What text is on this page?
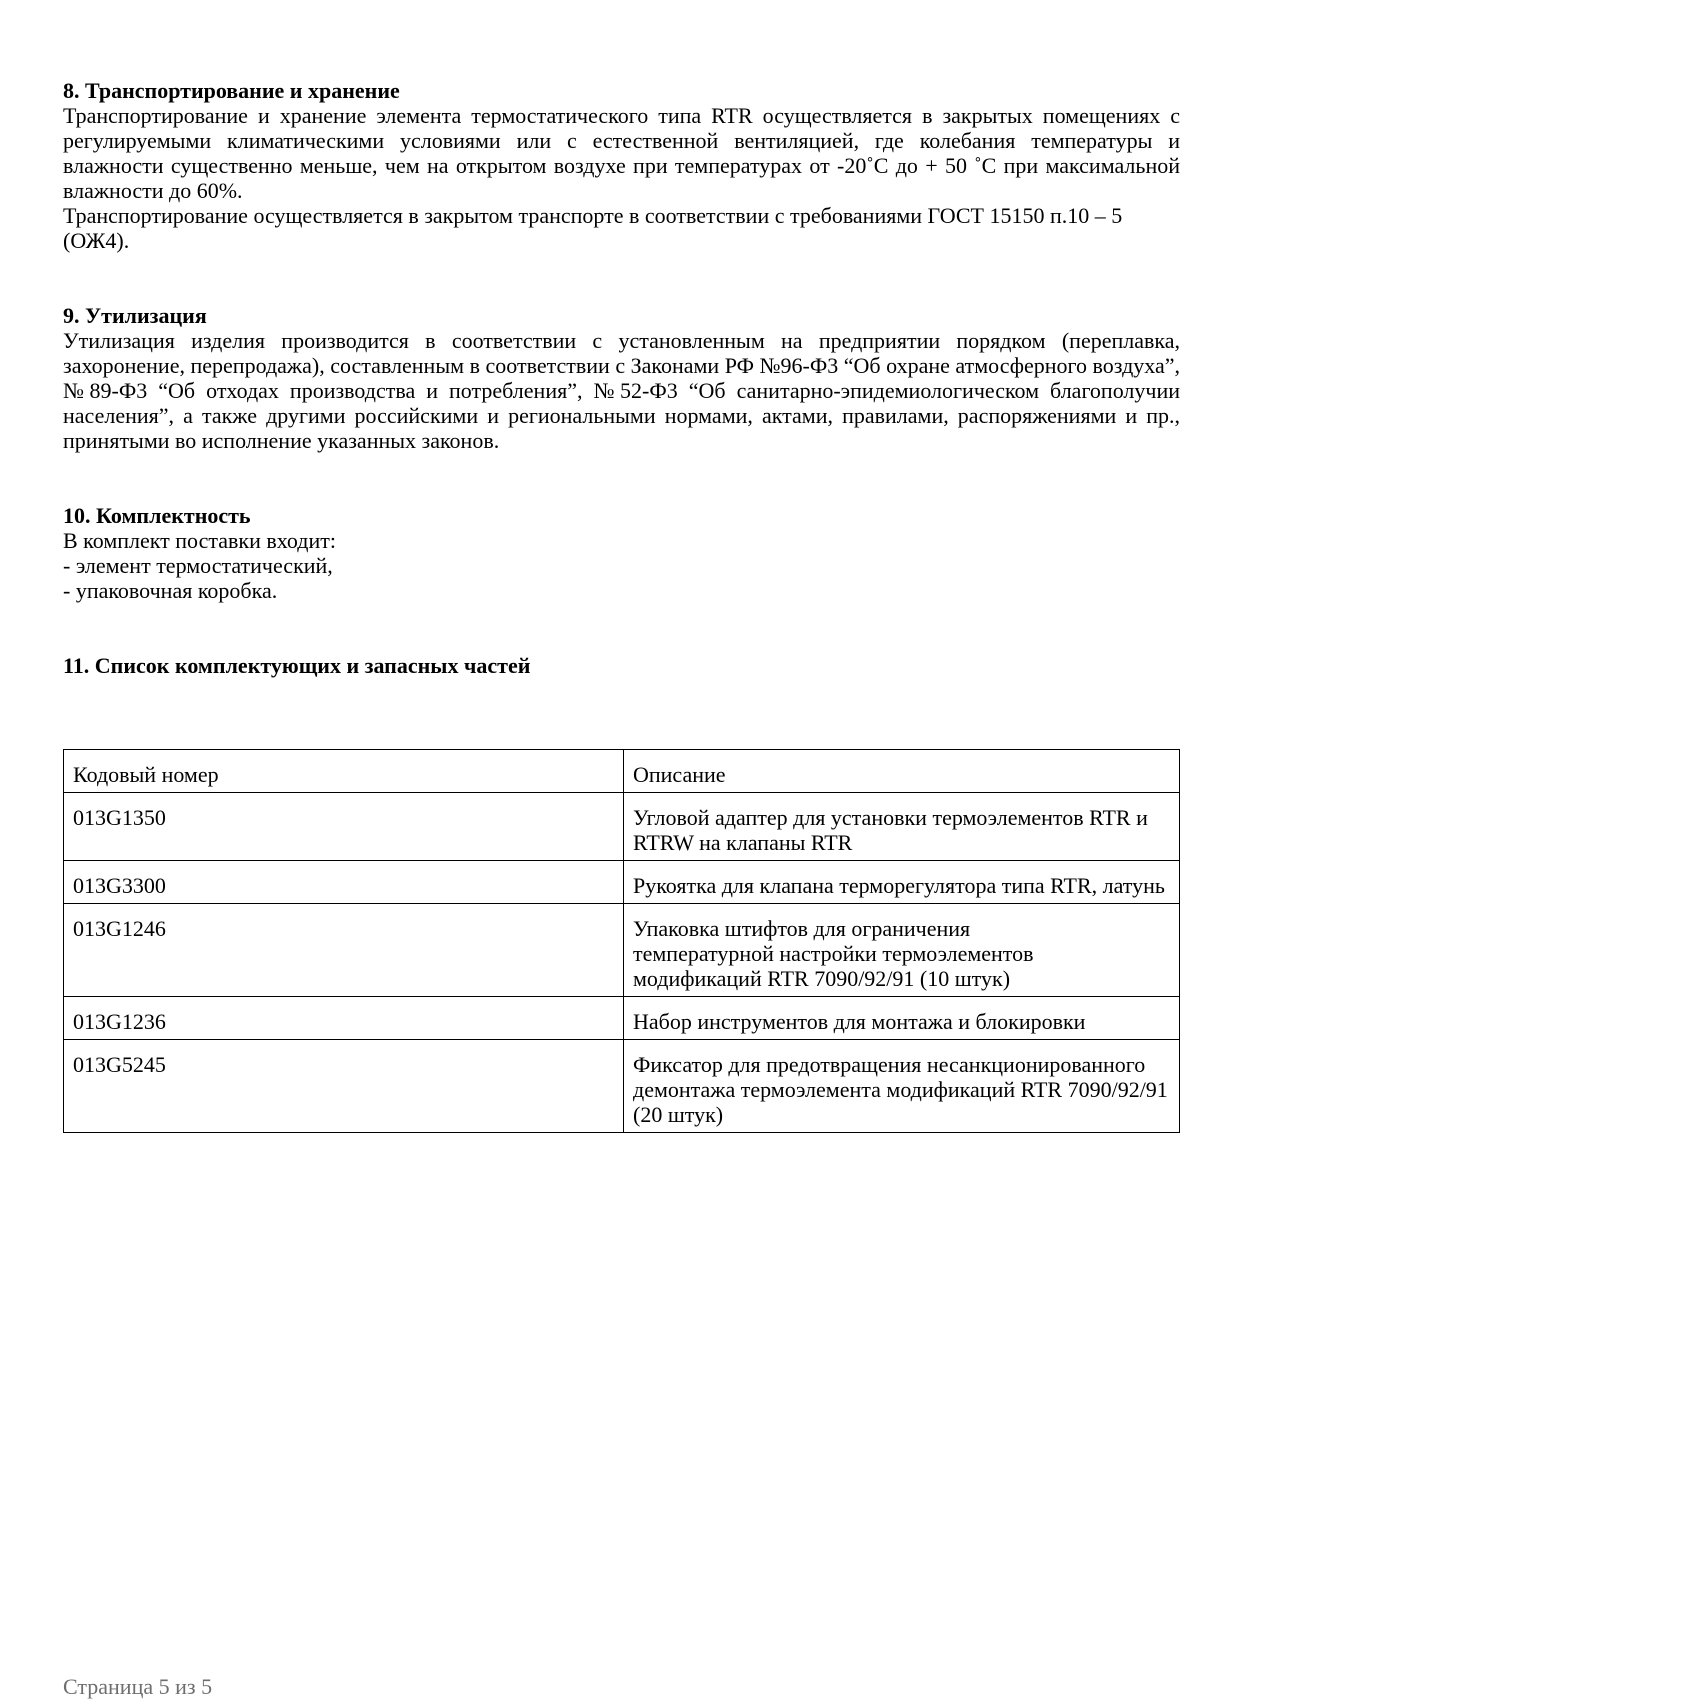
8. Транспортирование и хранение

Транспортирование и хранение элемента термостатического типа RTR осуществляется в закрытых помещениях с регулируемыми климатическими условиями или с естественной вентиляцией, где колебания температуры и влажности существенно меньше, чем на открытом воздухе при температурах от -20˚С до + 50 ˚С при максимальной влажности до 60%.

Транспортирование осуществляется в закрытом транспорте в соответствии с требованиями ГОСТ 15150 п.10 – 5 (ОЖ4).

9. Утилизация

Утилизация изделия производится в соответствии с установленным на предприятии порядком (переплавка, захоронение, перепродажа), составленным в соответствии с Законами РФ №96-Ф3 “Об охране атмосферного воздуха”, №89-Ф3 “Об отходах производства и потребления”, №52-Ф3 “Об санитарно-эпидемиологическом благополучии населения”, а также другими российскими и региональными нормами, актами, правилами, распоряжениями и пр., принятыми во исполнение указанных законов.

10. Комплектность

В комплект поставки входит:

- элемент термостатический,

- упаковочная коробка.

11. Список комплектующих и запасных частей
Кодовый номер	Описание
013G1350	Угловой адаптер для установки термоэлементов RTR и RTRW на клапаны RTR
013G3300	Рукоятка для клапана терморегулятора типа RTR, латунь
013G1246	Упаковка штифтов для ограничения температурной настройки термоэлементов модификаций RTR 7090/92/91 (10 штук)
013G1236	Набор инструментов для монтажа и блокировки
013G5245	Фиксатор для предотвращения несанкционированного демонтажа термоэлемента модификаций RTR 7090/92/91 (20 штук)
Страница 5 из 5
